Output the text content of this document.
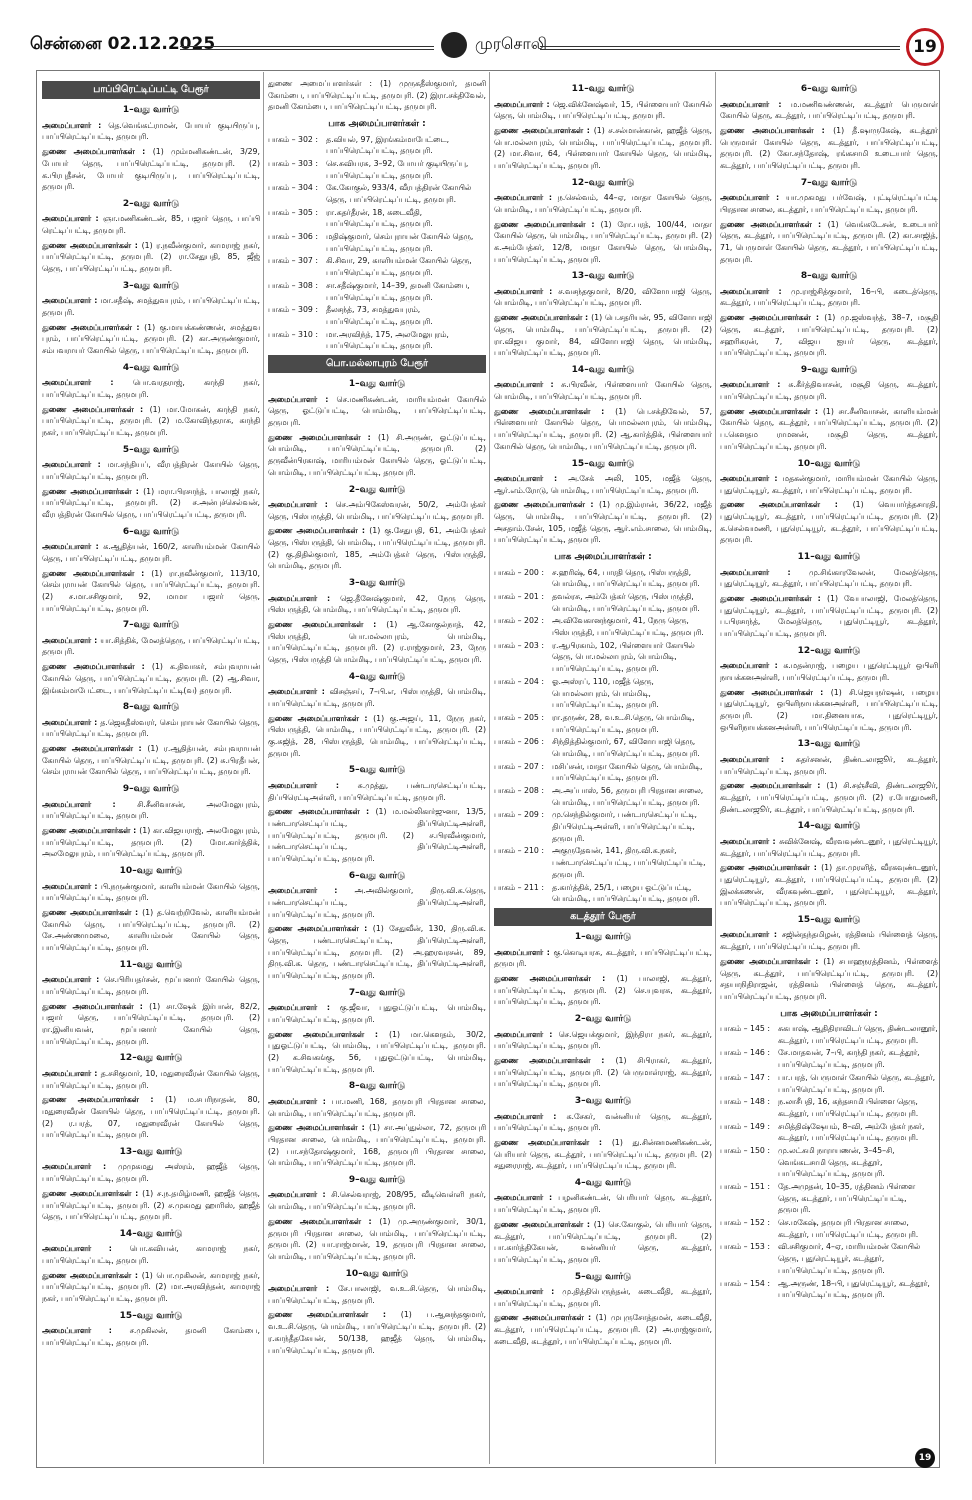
சென்னை 02.12.2025	முரசொலி	19
பாப்பிரெட்டிப்பட்டி பேரூர்
1–வது வார்டு
அமைப்பாளர் : தெ.வெங்கட்ராமன், போயர் குடியிருப்பு, பாப்பிரெட்டிப்பட்டி, தருமபுரி.
துணை அமைப்பாளர்கள் : (1) மும்மனிகண்டன், 3/29, போயர் தெரு, பாப்பிரெட்டிப்பட்டி, தருமபுரி. (2) க.பிரபுதீசன், போயர் குடியிருப்பு, பாப்பிரெட்டிப்பட்டி, தருமபுரி.
2–வது வார்டு
அமைப்பாளர் : ஞா.மணிகண்டன், 85, பஜார் தெரு, பாப்பி ரெட்டிப்பட்டி, தருமபுரி.
துணை அமைப்பாளர்கள் : (1) ர.நவீன்குமார், காமராஜ் நகர், பாப்பிரெட்டிப்பட்டி, தருமபுரி. (2) ரா.சேதுபதி, 85, ஜீஜ் தெரு, பாப்பிரெட்டிப்பட்டி, தருமபுரி.
3–வது வார்டு
அமைப்பாளர் : மா.சதீஷ், சமத்துவபுரம், பாப்பிரெட்டிப்பட்டி, தருமபுரி.
துணை அமைப்பாளர்கள் : (1) கு.மாயக்கண்ணன், சமத்துவ புரம், பாப்பிரெட்டிப்பட்டி, தருமபுரி. (2) கா.அருண்குமார், சம்பவராயர் கோயில் தெரு, பாப்பிரெட்டிப்பட்டி, தருமபுரி.
4–வது வார்டு
அமைப்பாளர் : பொ.வரதராஜ், காந்தி நகர், பாப்பிரெட்டிப்பட்டி, தருமபுரி.
துணை அமைப்பாளர்கள் : (1) மா.மோகன், காந்தி நகர், பாப்பிரெட்டிப்பட்டி, தருமபுரி. (2) ம.கோவிந்தராசு, காந்தி நகர், பாப்பிரெட்டிப்பட்டி, தருமபுரி.
5–வது வார்டு
அமைப்பாளர் : மா.சந்தியப், வீரபத்திரன் கோயில் தெரு, பாப்பிரெட்டிப்பட்டி, தருமபுரி.
துணை அமைப்பாளர்கள் : (1) மரா.பிரசாந்த், பாலாஜி நகர், பாப்பிரெட்டிப்பட்டி, தருமபுரி. (2) ச.அன்புச்செல்வன், வீரபத்திரன் கோயில் தெரு, பாப்பிரெட்டிப்பட்டி, தருமபுரி.
6–வது வார்டு
அமைப்பாளர் : க.ஆதித்யன், 160/2, காளியம்மன் கோயில் தெரு, பாப்பிரெட்டிப்பட்டி, தருமபுரி.
துணை அமைப்பாளர்கள் : (1) ரா.நவீன்குமார், 113/10, செம்புராயன் கோயில் தெரு, பாப்பிரெட்டிப்பட்டி, தருமபுரி. (2) ச.மா.சசிகுமார், 92, மாமா பஜார் தெரு, பாப்பிரெட்டிப்பட்டி, தருமபுரி.
7–வது வார்டு
அமைப்பாளர் : யா.சித்திக், மேலத்தெரு, பாப்பிரெட்டிப்பட்டி, தருமபுரி.
துணை அமைப்பாளர்கள் : (1) க.திவாகர், சம்புவராயன் கோயில் தெரு, பாப்பிரெட்டிப்பட்டி, தருமபுரி. (2) ஆ.சிவா, இங்கம்மாபேட்டை, பாப்பிரெட்டிப்பட்டி(வ) தருமபுரி.
8–வது வார்டு
அமைப்பாளர் : த.ஜெகதீஸ்வரர், செம்புராயன் கோயில் தெரு, பாப்பிரெட்டிப்பட்டி, தருமபுரி.
துணை அமைப்பாளர்கள் : (1) ர.ஆதித்யன், சம்புவராயன் கோயில் தெரு, பாப்பிரெட்டிப்பட்டி, தருமபுரி. (2) சு.பிரதீபன், செம்புராயன் கோயில் தெரு, பாப்பிரெட்டிப்பட்டி, தருமபுரி.
9–வது வார்டு
அமைப்பாளர் : சி.சீனிவாசன், அலமேலுபுரம், பாப்பிரெட்டிப்பட்டி, தருமபுரி.
துணை அமைப்பாளர்கள் : (1) கா.விஜயராஜ், அலமேலுபுரம், பாப்பிரெட்டிப்பட்டி, தருமபுரி. (2) மோ.கார்த்திக், அலமேலுபுரம், பாப்பிரெட்டிப்பட்டி, தருமபுரி.
10–வது வார்டு
அமைப்பாளர் : பி.நருண்குமார், காளியம்மன் கோயில் தெரு, பாப்பிரெட்டிப்பட்டி, தருமபுரி.
துணை அமைப்பாளர்கள் : (1) த.வெற்றிவேல், காளியம்மன் கோயில் தெரு, பாப்பிரெட்டிப்பட்டி, தருமபுரி. (2) சே.அண்ணாமலை, காளியம்மன் கோயில் தெரு, பாப்பிரெட்டிப்பட்டி, தருமபுரி.
11–வது வார்டு
அமைப்பாளர் : செ.பிரியதர்சன், மூப்பனார் கோயில் தெரு, பாப்பிரெட்டிப்பட்டி, தருமபுரி.
துணை அமைப்பாளர்கள் : (1) சா.ஷேக் இர்பான், 82/2, பஜார் தெரு, பாப்பிரெட்டிப்பட்டி, தருமபுரி. (2) ரா.இனியவன், மூப்பனார் கோயில் தெரு, பாப்பிரெட்டிப்பட்டி, தருமபுரி.
12–வது வார்டு
அமைப்பாளர் : த.சசிகுமார், 10, மதுரைவீரன் கோயில் தெரு, பாப்பிரெட்டிப்பட்டி, தருமபுரி.
துணை அமைப்பாளர்கள் : (1) ம.சபரிநாதன், 80, மதுரைவீரன் கோயில் தெரு, பாப்பிரெட்டிப்பட்டி, தருமபுரி. (2) ர.பரத், 07, மதுரைவீரன் கோயில் தெரு, பாப்பிரெட்டிப்பட்டி, தருமபுரி.
13–வது வார்டு
அமைப்பாளர் : முமுகமது அஸ்ரம், ஹஜீத் தெரு, பாப்பிரெட்டிப்பட்டி, தருமபுரி.
துணை அமைப்பாளர்கள் : (1) ச.ந.தமிழ்மணி, ஹஜீத் தெரு, பாப்பிரெட்டிப்பட்டி, தருமபுரி. (2) ச.முகமது ஹாரிஸ், ஹஜீத் தெரு, பாப்பிரெட்டிப்பட்டி, தருமபுரி.
14–வது வார்டு
அமைப்பாளர் : பொ.கவியன், காமராஜ் நகர், பாப்பிரெட்டிப்பட்டி, தருமபுரி.
துணை அமைப்பாளர்கள் : (1) பொ.முகிலன், காமராஜ் நகர், பாப்பிரெட்டிப்பட்டி, தருமபுரி. (2) மா.அரவிந்தன், காமராஜ் நகர், பாப்பிரெட்டிப்பட்டி, தருமபுரி.
15–வது வார்டு
அமைப்பாளர் : ச.முகிலன், தமனி கோம்பை, பாப்பிரெட்டிப்பட்டி, தருமபுரி.
துணை அமைப்பாளர்கள் : (1) முருகதீஸ்குமார், தமனி கோம்பை, பாப்பிரெட்டிப்பட்டி, தருமபுரி. (2) இரா.சக்திவேல், தமனி கோம்பை, பாப்பிரெட்டிப்பட்டி, தருமபுரி.
பாக அமைப்பாளர்கள் :
பாகம் – 302 :	த.வியல், 97, இரங்கம்மாபேட்டை, பாப்பிரெட்டிப்பட்டி, தருமபுரி.
பாகம் – 303 :	செ.சுவியரசு, 3–92, போயர் குடியிருப்பு, பாப்பிரெட்டிப்பட்டி, தருமபுரி.
பாகம் – 304 :	கே.கோகுல், 933/4, வீரபத்திரன் கோயில் தெரு, பாப்பிரெட்டிப்பட்டி, தருமபுரி.
பாகம் – 305 :	ரா.கதர்தீரன், 18, கடைவீதி, பாப்பிரெட்டிப்பட்டி, தருமபுரி.
பாகம் – 306 :	மதிஷ்குமார், செம்புராயன் கோயில் தெரு, பாப்பிரெட்டிப்பட்டி, தருமபுரி.
பாகம் – 307 :	கி.சிவா, 29, காளியம்மன் கோயில் தெரு, பாப்பிரெட்டிப்பட்டி, தருமபுரி.
பாகம் – 308 :	சா.சதீஷ்குமார், 14–39, தமனி கோம்பை, பாப்பிரெட்டிப்பட்டி, தருமபுரி.
பாகம் – 309 :	தீலசந்த், 73, சமத்துவபுரம், பாப்பிரெட்டிப்பட்டி, தருமபுரி.
பாகம் – 310 :	மா.அரவிந்த், 175, அலமேலுபுரம், பாப்பிரெட்டிப்பட்டி, தருமபுரி.
பொ.மல்லாபுரம் பேரூர்
1–வது வார்டு
அமைப்பாளர் : செ.மணிகண்டன், மாரியம்மன் கோயில் தெரு, ஓட்டுப்பட்டி, பொம்மிடி, பாப்பிரெட்டிப்பட்டி, தருமபுரி.
துணை அமைப்பாளர்கள் : (1) சி.அருண், ஓட்டுப்பட்டி, பொம்மிடி, பாப்பிரெட்டிப்பட்டி, தருமபுரி. (2) தருவீன்பிரகாஷ், மாரியம்மன் கோயில் தெரு, ஓட்டுப்பட்டி, பொம்மிடி, பாப்பிரெட்டிப்பட்டி, தருமபுரி.
2–வது வார்டு
அமைப்பாளர் : செ.அம்பிகேஸ்வரன், 50/2, அம்பேத்கர் தெரு, பிஸ்பருத்தி, பொம்மிடி, பாப்பிரெட்டிப்பட்டி, தருமபுரி.
துணை அமைப்பாளர்கள் : (1) கு.சேதுபதி, 61, அம்பேத்கர் தெரு, பிஸ்பருத்தி, பொம்மிடி, பாப்பிரெட்டிப்பட்டி, தருமபுரி. (2) கு.திதில்குமார், 185, அம்பேத்கர் தெரு, பிஸ்பருத்தி, பொம்மிடி, தருமபுரி.
3–வது வார்டு
அமைப்பாளர் : ஜெ.தீனேஷ்குமார், 42, நேரு தெரு, பிஸ்பருத்தி, பொம்மிடி, பாப்பிரெட்டிப்பட்டி, தருமபுரி.
துணை அமைப்பாளர்கள் : (1) ஆ.கோகுல்நாத், 42, பிஸ்பருத்தி, பொ.மல்லாபுரம், பொம்மிடி, பாப்பிரெட்டிப்பட்டி, தருமபுரி. (2) ர.ராஜ்குமார், 23, நேரு தெரு, பிஸ்பருத்தி பொம்மிடி, பாப்பிரெட்டிப்பட்டி, தருமபுரி.
4–வது வார்டு
அமைப்பாளர் : விசஞ்சய், 7–பி.எ, பிஸ்பருத்தி, பொம்மிடி, பாப்பிரெட்டிப்பட்டி, தருமபுரி.
துணை அமைப்பாளர்கள் : (1) கு.அஜய், 11, நேரு நகர், பிஸ்பருத்தி, பொம்மிடி, பாப்பிரெட்டிப்பட்டி, தருமபுரி. (2) கு.சுஜித், 28, பிஸ்பருத்தி, பொம்மிடி, பாப்பிரெட்டிப்பட்டி, தருமபுரி.
5–வது வார்டு
அமைப்பாளர் : சு.முத்து, பண்டாரசெட்டிப்பட்டி, திப்பிரெட்டிஅள்ளி, பாப்பிரெட்டிப்பட்டி, தருமபுரி.
துணை அமைப்பாளர்கள் : (1) ம.மல்லிகார்ஜுனா, 13/5, பண்டாரசெட்டிப்பட்டி, திப்பிரெட்டிஅள்ளி, பாப்பிரெட்டிப்பட்டி, தருமபுரி. (2) ச.பிரவீன்குமார், பண்டாரசெட்டிப்பட்டி, திப்பிரெட்டிஅள்ளி, பாப்பிரெட்டிப்பட்டி, தருமபுரி.
6–வது வார்டு
அமைப்பாளர் : அ.அவில்குமார், திரு.வி.க.தெரு, பண்டாரசெட்டிப்பட்டி, திப்பிரெட்டிஅள்ளி, பாப்பிரெட்டிப்பட்டி, தருமபுரி.
துணை அமைப்பாளர்கள் : (1) சேதுவீன், 130, திரு.வி.க. தெரு, பண்டாரசெட்டிப்பட்டி, திப்பிரெட்டிஅள்ளி, பாப்பிரெட்டிப்பட்டி, தருமபுரி. (2) அ.ஹரவரசன், 89, திரு.வி.க. தெரு, பண்டாரசெட்டிப்பட்டி, திப்பிரெட்டிஅள்ளி, பாப்பிரெட்டிப்பட்டி, தருமபுரி.
7–வது வார்டு
அமைப்பாளர் : கு.ஜீவா, புதுஓட்டுப்பட்டி, பொம்மிடி, பாப்பிரெட்டிப்பட்டி, தருமபுரி.
துணை அமைப்பாளர்கள் : (1) மா.கௌதம், 30/2, புதுஓட்டுப்பட்டி, பொம்மிடி, பாப்பிரெட்டிப்பட்டி, தருமபுரி. (2) க.சிவகங்கு, 56, புதுஓட்டுப்பட்டி, பொம்மிடி, பாப்பிரெட்டிப்பட்டி, தருமபுரி.
8–வது வார்டு
அமைப்பாளர் : பா.மணி, 168, தருமபுரி பிரதான சாலை, பொம்மிடி, பாப்பிரெட்டிப்பட்டி, தருமபுரி.
துணை அமைப்பாளர்கள் : (1) சா.அப்துல்லா, 72, தருமபுரி பிரதான சாலை, பொம்மிடி, பாப்பிரெட்டிப்பட்டி, தருமபுரி. (2) பா.சந்தோஷ்குமார், 168, தருமபுரி பிரதான சாலை, பொம்மிடி, பாப்பிரெட்டிப்பட்டி, தருமபுரி.
9–வது வார்டு
அமைப்பாளர் : சி.செல்வராஜ், 208/95, வீடிவெள்ளி நகர், பொம்மிடி, பாப்பிரெட்டிப்பட்டி, தருமபுரி.
துணை அமைப்பாளர்கள் : (1) மு.அருண்குமார், 30/1, தருமபுரி பிரதான சாலை, பொம்மிடி, பாப்பிரெட்டிப்பட்டி, தருமபுரி. (2) யா.ராஜ்மான், 19, தருமபுரி பிரதான சாலை, பொம்மிடி, பாப்பிரெட்டிப்பட்டி, தருமபுரி.
10–வது வார்டு
அமைப்பாளர் : சே.பாலாஜி, வ.உ.சி.தெரு, பொம்மிடி, பாப்பிரெட்டிப்பட்டி, தருமபுரி.
துணை அமைப்பாளர்கள் : (1) ப.ஆனந்தகுமார், வ.உ.சி.தெரு, பொம்மிடி, பாப்பிரெட்டிப்பட்டி, தருமபுரி. (2) ர.காந்தீதகேயன், 50/138, ஹஜீத் தெரு, பொம்மிடி, பாப்பிரெட்டிப்பட்டி, தருமபுரி.
11–வது வார்டு
அமைப்பாளர் : ஜெ.விக்னேஷ்வர், 15, பிள்ளையார் கோயில் தெரு, பொம்மிடி, பாப்பிரெட்டிப்பட்டி, தருமபுரி.
துணை அமைப்பாளர்கள் : (1) ச.சல்மான்கான், ஹஜீத் தெரு, பொ.மல்லாபுரம், பொம்மிடி, பாப்பிரெட்டிப்பட்டி, தருமபுரி. (2) மா.சிவா, 64, பிள்ளையார் கோயில் தெரு, பொம்மிடி, பாப்பிரெட்டிப்பட்டி, தருமபுரி.
12–வது வார்டு
அமைப்பாளர் : ந.செல்வம், 44–ஏ, மாதா கோயில் தெரு, பொம்மிடி, பாப்பிரெட்டிப்பட்டி, தருமபுரி.
துணை அமைப்பாளர்கள் : (1) ரோ.பரத், 100/44, மாதா கோயில் தெரு, பொம்மிடி, பாப்பிரெட்டிப்பட்டி, தருமபுரி. (2) க.அம்பேத்கர், 12/8, மாதா கோயில் தெரு, பொம்மிடி, பாப்பிரெட்டிப்பட்டி, தருமபுரி.
13–வது வார்டு
அமைப்பாளர் : ச.வசந்தகுமார், 8/20, விளோபாஜி தெரு, பொம்மிடி, பாப்பிரெட்டிப்பட்டி, தருமபுரி.
துணை அமைப்பாளர்கள் : (1) பெ.சதரியன், 95, விளோபாஜி தெரு, பொம்மிடி, பாப்பிரெட்டிப்பட்டி, தருமபுரி. (2) ரா.விஜய குமார், 84, விளோபாஜி தெரு, பொம்மிடி, பாப்பிரெட்டிப்பட்டி, தருமபுரி.
14–வது வார்டு
அமைப்பாளர் : சு.பிரவீன், பிள்ளையார் கோயில் தெரு, பொம்மிடி, பாப்பிரெட்டிப்பட்டி, தருமபுரி.
துணை அமைப்பாளர்கள் : (1) பெ.சக்திவேல், 57, பிள்ளையார் கோயில் தெரு, பொமல்லாபுரம், பொம்மிடி, பாப்பிரெட்டிப்பட்டி, தருமபுரி. (2) ஆ.கார்த்திக், பிள்ளையார் கோயில் தெரு, பொம்மிடி, பாப்பிரெட்டிப்பட்டி, தருமபுரி.
15–வது வார்டு
அமைப்பாளர் : அ.சேக் அலி, 105, மஜீத் தெரு, ஆர்.எம்.ரோடு, பொம்மிடி, பாப்பிரெட்டிப்பட்டி, தருமபுரி.
துணை அமைப்பாளர்கள் : (1) மு.இம்ரான், 36/22, மஜீத் தெரு, பொம்மிடி, பாப்பிரெட்டிப்பட்டி, தருமபுரி. (2) அசதாம்.சேன், 105, மஜீத் தெரு, ஆர்.எம்.சாலை, பொம்மிடி, பாப்பிரெட்டிப்பட்டி, தருமபுரி.
பாக அமைப்பாளர்கள் :
பாகம் – 200 :	ச.ஹரிஷ், 64, பாரதி தெரு, பிஸ்பருத்தி, பொம்மிடி, பாப்பிரெட்டிப்பட்டி, தருமபுரி.
பாகம் – 201 :	தவல்ரசு, அம்பேத்கர் தெரு, பிஸ்பருத்தி, பொம்மிடி, பாப்பிரெட்டிப்பட்டி, தருமபுரி.
பாகம் – 202 :	அ.விவேகானந்குமார், 41, நேரு தெரு, பிஸ்பருத்தி, பாப்பிரெட்டிப்பட்டி, தருமபுரி.
பாகம் – 203 :	ர.ஆபிரகாம், 102, பிள்ளையார் கோயில் தெரு, பொ.மல்லாபுரம், பொம்மிடி, பாப்பிரெட்டிப்பட்டி, தருமபுரி.
பாகம் – 204 :	ஓ.அஸ்ரப், 110, மஜீத் தெரு, பொமல்லாபுரம், பொம்மிடி, பாப்பிரெட்டிப்பட்டி, தருமபுரி.
பாகம் – 205 :	ரா.தருண், 28, வ.உ.சி.தெரு, பொம்மிடி, பாப்பிரெட்டிப்பட்டி, தருமபுரி.
பாகம் – 206 :	சிந்தித்தில்குமார், 67, விளோபாஜி தெரு, பொம்மிடி, பாப்பிரெட்டிப்பட்டி, தருமபுரி.
பாகம் – 207 :	மசிப்சன், மாதா கோயில் தெரு, பொம்மிடி, பாப்பிரெட்டிப்பட்டி, தருமபுரி.
பாகம் – 208 :	அ.அப்பாஸ், 56, தருமபுரி பிரதான சாலை, பொம்மிடி, பாப்பிரெட்டிப்பட்டி, தருமபுரி.
பாகம் – 209 :	மு.செந்தில்குமார், பண்டாரசெட்டிப்பட்டி, திப்பிரெட்டிஅள்ளி, பாப்பிரெட்டிப்பட்டி, தருமபுரி.
பாகம் – 210 :	அகுருதேவன், 141, திரு.வி.க.நகர், பண்டாரசெட்டிப்பட்டி, பாப்பிரெட்டிப்பட்டி, தருமபுரி.
பாகம் – 211 :	த.கார்த்திக், 25/1, பழைய ஓட்டுப்பட்டி, பொம்மிடி, பாப்பிரெட்டிப்பட்டி, தருமபுரி.
கடத்தூர் பேரூர்
1–வது வார்டு
அமைப்பாளர் : கு.கொடியரசு, கடத்தூர், பாப்பிரெட்டிப்பட்டி, தருமபுரி.
துணை அமைப்பாளர்கள் : (1) பாலாஜி, கடத்தூர், பாப்பிரெட்டிப்பட்டி, தருமபுரி. (2) செ.யுவரசு, கடத்தூர், பாப்பிரெட்டிப்பட்டி, தருமபுரி.
2–வது வார்டு
அமைப்பாளர் : செ.ஜெயக்குமார், இந்திரா நகர், கடத்தூர், பாப்பிரெட்டிப்பட்டி, தருமபுரி.
துணை அமைப்பாளர்கள் : (1) சிபிராகர், கடத்தூர், பாப்பிரெட்டிப்பட்டி, தருமபுரி. (2) பெருமாள்ராஜ், கடத்தூர், பாப்பிரெட்டிப்பட்டி, தருமபுரி.
3–வது வார்டு
அமைப்பாளர் : க.சேகர், வன்னியர் தெரு, கடத்தூர், பாப்பிரெட்டிப்பட்டி, தருமபுரி.
துணை அமைப்பாளர்கள் : (1) து.சின்னமணிகண்டன், பெரியார் தெரு, கடத்தூர், பாப்பிரெட்டிப்பட்டி, தருமபுரி. (2) சதுரைராஜ், கடத்தூர், பாப்பிரெட்டிப்பட்டி, தருமபுரி.
4–வது வார்டு
அமைப்பாளர் : பழனிகண்டன், பெரியார் தெரு, கடத்தூர், பாப்பிரெட்டிப்பட்டி, தருமபுரி.
துணை அமைப்பாளர்கள் : (1) செ.கோகுல், பெரியார் தெரு, கடத்தூர், பாப்பிரெட்டிப்பட்டி, தருமபுரி. (2) பா.கார்த்திகேயன், வன்னியர் தெரு, கடத்தூர், பாப்பிரெட்டிப்பட்டி, தருமபுரி.
5–வது வார்டு
அமைப்பாளர் : மு.தித்திபெருந்தன், கடைவீதி, கடத்தூர், பாப்பிரெட்டிப்பட்டி, தருமபுரி.
துணை அமைப்பாளர்கள் : (1) முபுருசோத்தமன், கடைவீதி, கடத்தூர், பாப்பிரெட்டிப்பட்டி, தருமபுரி. (2) அ.ராஜ்குமார், கடைவீதி, கடத்தூர், பாப்பிரெட்டிப்பட்டி, தருமபுரி.
6–வது வார்டு
அமைப்பாளர் : ம.மணிவண்ணன், கடத்தூர் பெருமாள் கோயில் தெரு, கடத்தூர், பாப்பிரெட்டிப்பட்டி, தருமபுரி.
துணை அமைப்பாளர்கள் : (1) தீ.ஷாருகேஷ், கடத்தூர் பெருமாள் கோயில் தெரு, கடத்தூர், பாப்பிரெட்டிப்பட்டி, தருமபுரி. (2) கோ.சந்தோஷ், ரங்கசாமி உடையார் தெரு, கடத்தூர், பாப்பிரெட்டிப்பட்டி, தருமபுரி.
7–வது வார்டு
அமைப்பாளர் : யா.முகமது பர்வேஷ், புட்டிரெட்டிப்பட்டி பிரதான சாலை, கடத்தூர், பாப்பிரெட்டிப்பட்டி, தருமபுரி.
துணை அமைப்பாளர்கள் : (1) வெங்கடேசன், உடையார் தெரு, கடத்தூர், பாப்பிரெட்டிப்பட்டி, தருமபுரி. (2) கா.சாஜித், 71, பெருமாள் கோயில் தெரு, கடத்தூர், பாப்பிரெட்டிப்பட்டி, தருமபுரி.
8–வது வார்டு
அமைப்பாளர் : மு.ராஜ்சித்குமார், 16–பி, கடைத்தெரு, கடத்தூர், பாப்பிரெட்டிப்பட்டி, தருமபுரி.
துணை அமைப்பாளர்கள் : (1) மு.ஜஸ்வந்த், 38–7, மசூதி தெரு, கடத்தூர், பாப்பிரெட்டிப்பட்டி, தருமபுரி. (2) சஹரிகரன், 7, விஜய ஐயர் தெரு, கடத்தூர், பாப்பிரெட்டிப்பட்டி, தருமபுரி.
9–வது வார்டு
அமைப்பாளர் : சு.கீர்த்திவாசன், மசூதி தெரு, கடத்தூர், பாப்பிரெட்டிப்பட்டி, தருமபுரி.
துணை அமைப்பாளர்கள் : (1) சா.சீனிவாசன், காளியம்மன் கோயில் தெரு, கடத்தூர், பாப்பிரெட்டிப்பட்டி, தருமபுரி. (2) ப.கௌதம ராமனன், மசூதி தெரு, கடத்தூர், பாப்பிரெட்டிப்பட்டி, தருமபுரி.
10–வது வார்டு
அமைப்பாளர் : மதகன்குமார், மாரியம்மன் கோயில் தெரு, புதுரெட்டியூர், கடத்தூர், பாப்பிரெட்டிப்பட்டி, தருமபுரி.
துணை அமைப்பாளர்கள் : (1) வெயார்த்தசாரதி, புதுரெட்டியூர், கடத்தூர், பாப்பிரெட்டிப்பட்டி, தருமபுரி. (2) க.செல்வமணி, புதுரெட்டியூர், கடத்தூர், பாப்பிரெட்டிப்பட்டி, தருமபுரி.
11–வது வார்டு
அமைப்பாளர் : மு.சிங்காரவேலன், மேலத்தெரு, புதுரெட்டியூர், கடத்தூர், பாப்பிரெட்டிப்பட்டி, தருமபுரி.
துணை அமைப்பாளர்கள் : (1) வேபாலாஜி, மேலத்தெரு, புதுரெட்டியூர், கடத்தூர், பாப்பிரெட்டிப்பட்டி, தருமபுரி. (2) ப.பிரசாந்த், மேலத்தெரு, புதுரெட்டியூர், கடத்தூர், பாப்பிரெட்டிப்பட்டி, தருமபுரி.
12–வது வார்டு
அமைப்பாளர் : க.மதன்ராஜ், பழைய புதுரெட்டியூர் ஒபிளி நாயக்கனஅள்ளி, பாப்பிரெட்டிப்பட்டி, தருமபுரி.
துணை அமைப்பாளர்கள் : (1) சி.ஜெயநர்ஷன், பழைய புதுரெட்டியூர், ஒபிளிநாயக்கனஅள்ளி, பாப்பிரெட்டிப்பட்டி, தருமபுரி. (2) மா.தினையாசு, புதுரெட்டியூர், ஒபிளிநாயக்கனஅள்ளி, பாப்பிரெட்டிப்பட்டி, தருமபுரி.
13–வது வார்டு
அமைப்பாளர் : சுதர்சனன், திண்டலாஜூர், கடத்தூர், பாப்பிரெட்டிப்பட்டி, தருமபுரி.
துணை அமைப்பாளர்கள் : (1) சி.சஞ்சீவி, திண்டலாஜூர், கடத்தூர், பாப்பிரெட்டிப்பட்டி, தருமபுரி. (2) ர.போதுமணி, திண்டலாஜூர், கடத்தூர், பாப்பிரெட்டிப்பட்டி, தருமபுரி.
14–வது வார்டு
அமைப்பாளர் : சுவிக்னேஷ், வீரவவுண்டனூர், புதுரெட்டியூர், கடத்தூர், பாப்பிரெட்டிப்பட்டி, தருமபுரி.
துணை அமைப்பாளர்கள் : (1) தா.முரளித், வீரகவுண்டனூர், புதுரெட்டியூர், கடத்தூர், பாப்பிரெட்டிப்பட்டி, தருமபுரி. (2) இலக்கணன், வீரகவுண்டனூர், புதுரெட்டியூர், கடத்தூர், பாப்பிரெட்டிப்பட்டி, தருமபுரி.
15–வது வார்டு
அமைப்பாளர் : சஜின்தந்தமிழன், ரத்தினம் பிள்ளைத் தெரு, கடத்தூர், பாப்பிரெட்டிப்பட்டி, தருமபுரி.
துணை அமைப்பாளர்கள் : (1) சபாஹநரத்தினம், பிள்ளைத் தெரு, கடத்தூர், பாப்பிரெட்டிப்பட்டி, தருமபுரி. (2) சதயாநிதிராஜன், ரத்தினம் பிள்ளைத் தெரு, கடத்தூர், பாப்பிரெட்டிப்பட்டி, தருமபுரி.
பாக அமைப்பாளர்கள் :
பாகம் – 145 :	சுகபாஷ், ஆதிதிராவிடர் தெரு, திண்டலானூர், கடத்தூர், பாப்பிரெட்டிப்பட்டி, தருமபுரி.
பாகம் – 146 :	சே.மாதவன், 7–பி, காந்தி நகர், கடத்தூர், பாப்பிரெட்டிப்பட்டி, தருமபுரி.
பாகம் – 147 :	பா.பரத், பெருமாள் கோயில் தெரு, கடத்தூர், பாப்பிரெட்டிப்பட்டி, தருமபுரி.
பாகம் – 148 :	ந.லாசீபதி, 16, கந்தசாமி பிள்ளை தெரு, கடத்தூர், பாப்பிரெட்டிப்பட்டி, தருமபுரி.
பாகம் – 149 :	சமித்திஷ்ஷேயம், 8–வி, அம்பேத்கர் நகர், கடத்தூர், பாப்பிரெட்டிப்பட்டி, தருமபுரி.
பாகம் – 150 :	மு.லட்சுமி நாராயணன், 3–45–சி, வெங்கடசாமி தெரு, கடத்தூர், பாப்பிரெட்டிப்பட்டி, தருமபுரி.
பாகம் – 151 :	தே.அமுதன், 10–35, ரத்தினம் பிள்ளை தெரு, கடத்தூர், பாப்பிரெட்டிப்பட்டி, தருமபுரி.
பாகம் – 152 :	செ.மகேஷ், தருமபுரி பிரதான சாலை, கடத்தூர், பாப்பிரெட்டிப்பட்டி, தருமபுரி.
பாகம் – 153 :	வி.சசிகுமார், 4–ஏ, மாரியம்மன் கோயில் தெரு, புதுரெட்டியூர், கடத்தூர், பாப்பிரெட்டிப்பட்டி, தருமபுரி.
பாகம் – 154 :	ஆ.அருண், 18–பி, புதுரெட்டியூர், கடத்தூர், பாப்பிரெட்டிப்பட்டி, தருமபுரி.
19
